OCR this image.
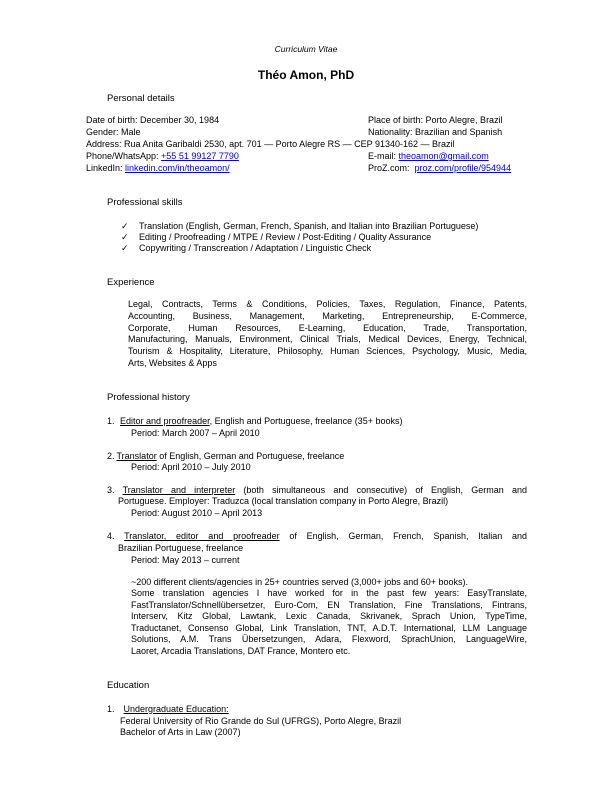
Curriculum Vitae
Théo Amon, PhD
Personal details
Date of birth: December 30, 1984	Place of birth: Porto Alegre, Brazil
Gender: Male	Nationality: Brazilian and Spanish
Address: Rua Anita Garibaldi 2530, apt. 701 — Porto Alegre RS — CEP 91340-162 — Brazil
Phone/WhatsApp: +55 51 99127 7790	E-mail: theoamon@gmail.com
LinkedIn: linkedin.com/in/theoamon/	ProZ.com:  proz.com/profile/954944
Professional skills
✓ Translation (English, German, French, Spanish, and Italian into Brazilian Portuguese)
✓ Editing / Proofreading / MTPE / Review / Post-Editing / Quality Assurance
✓ Copywriting / Transcreation / Adaptation / Linguistic Check
Experience
Legal, Contracts, Terms & Conditions, Policies, Taxes, Regulation, Finance, Patents,
Accounting, Business, Management, Marketing, Entrepreneurship, E-Commerce,
Corporate, Human Resources, E-Learning, Education, Trade, Transportation,
Manufacturing, Manuals, Environment, Clinical Trials, Medical Devices, Energy, Technical,
Tourism & Hospitality, Literature, Philosophy, Human Sciences, Psychology, Music, Media,
Arts, Websites & Apps
Professional history
1. Editor and proofreader, English and Portuguese, freelance (35+ books)
Period: March 2007 – April 2010
2. Translator of English, German and Portuguese, freelance
Period: April 2010 – July 2010
3. Translator and interpreter (both simultaneous and consecutive) of English, German and
Portuguese. Employer: Traduzca (local translation company in Porto Alegre, Brazil)
Period: August 2010 – April 2013
4. Translator, editor and proofreader of English, German, French, Spanish, Italian and
Brazilian Portuguese, freelance
Period: May 2013 – current
~200 different clients/agencies in 25+ countries served (3,000+ jobs and 60+ books).
Some translation agencies I have worked for in the past few years: EasyTranslate,
FastTranslator/Schnellübersetzer, Euro-Com, EN Translation, Fine Translations, Fintrans,
Interserv, Kitz Global, Lawtank, Lexic Canada, Skrivanek, Sprach Union, TypeTime,
Traductanet, Consenso Global, Link Translation, TNT, A.D.T. International, LLM Language
Solutions, A.M. Trans Übersetzungen, Adara, Flexword, SprachUnion, LanguageWire,
Laoret, Arcadia Translations, DAT France, Montero etc.
Education
1. Undergraduate Education:
Federal University of Rio Grande do Sul (UFRGS), Porto Alegre, Brazil
Bachelor of Arts in Law (2007)
